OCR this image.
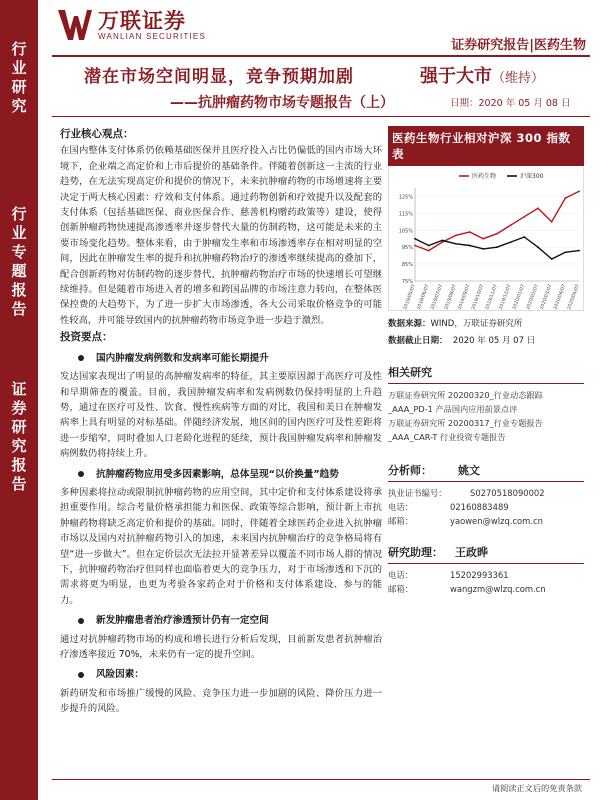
行
业
研
究
行
业
专
题
报
告
证
券
研
究
报
告
万联证券
WANLIAN SECURITIES
证券研究报告|医药生物
潜在市场空间明显，竞争预期加剧
——抗肿瘤药物市场专题报告（上）
强于大市（维持）
日期：2020 年 05 月 08 日
行业核心观点：
在国内整体支付体系仍依赖基础医保并且医疗投入占比仍偏低的国内市场大环境下，企业端之高定价和上市后提价的基础条件。伴随着创新这一主流的行业趋势，在无法实现高定价和提价的情况下，未来抗肿瘤药物的市场增速将主要决定于两大核心因素：疗效和支付体系。通过药物创新和疗效提升以及配套的支付体系（包括基础医保、商业医保合作、慈善机构赠药政策等）建设，使得创新肿瘤药物快速提高渗透率并逐步替代大量的仿制药物，这可能是未来的主要市场变化趋势。整体来看，由于肿瘤发生率和市场渗透率存在相对明显的空间，因此在肿瘤发生率的提升和抗肿瘤药物治疗的渗透率继续提高的叠加下，配合创新药物对仿制药物的逐步替代，抗肿瘤药物治疗市场的快速增长可望继续维持。但是随着市场进入者的增多和跨国品牌的市场注意力转向，在整体医保控费的大趋势下，为了进一步扩大市场渗透，各大公司采取价格竞争的可能性较高，并可能导致国内的抗肿瘤药物市场竞争进一步趋于激烈。
投资要点：
国内肿瘤发病例数和发病率可能长期提升
发达国家表现出了明显的高肿瘤发病率的特征，其主要原因源于高医疗可及性和早期筛查的覆盖。目前，我国肿瘤发病率和发病例数仍保持明显的上升趋势，通过在医疗可及性、饮食、慢性疾病等方面的对比，我国和美日在肿瘤发病率上具有明显的对标基础。伴随经济发展，地区间的国内医疗可及性差距将进一步缩窄，同时叠加人口老龄化进程的延续，预计我国肿瘤发病率和肿瘤发病例数仍将持续上升。
抗肿瘤药物应用受多因素影响，总体呈现“以价换量”趋势
多种因素将拉动或限制抗肿瘤药物的应用空间，其中定价和支付体系建设将承担重要作用。综合考量价格承担能力和医保、政策等综合影响，预计新上市抗肿瘤药物将缺乏高定价和提价的基础。同时，伴随着全球医药企业进入抗肿瘤市场以及国内对抗肿瘤药物引入的加速，未来国内抗肿瘤治疗的竞争格局将有望“进一步做大”。但在定价层次无法拉开显著差异以覆盖不同市场人群的情况下，抗肿瘤药物治疗但同样也面临着更大的竞争压力，对于市场渗透和下沉的需求将更为明显，也更为考验各家药企对于价格和支付体系建设、参与的能力。
新发肿瘤患者治疗渗透预计仍有一定空间
通过对抗肿瘤药物市场的构成和增长进行分析后发现，目前新发患者抗肿瘤治疗渗透率接近 70%，未来仍有一定的提升空间。
风险因素：
新药研发和市场推广缓慢的风险、竞争压力进一步加剧的风险、降价压力进一步提升的风险。
医药生物行业相对沪深 300 指数表
125%
115%
105%
95%
85%
75%
2019/05/07 2019/06/07 2019/07/07 2019/08/07 2019/09/07 2019/10/07 2019/11/07 2019/12/07 2020/01/07 2020/02/07 2020/03/07 2020/04/07 2020/05/07
医药生物	沪深300
数据来源：WIND，万联证券研究所
数据截止日期： 2020 年 05 月 07 日
相关研究
万联证券研究所 20200320_行业动态跟踪
_AAA_PD-1 产品国内应用前景点评
万联证券研究所 20200317_行业专题报告
_AAA_CAR-T 行业投资专题报告
分析师： 姚文
执业证书编号：	S0270518090002
电话：	02160883489
邮箱：	yaowen@wlzq.com.cn
研究助理： 王政晔
电话：	15202993361
邮箱：	wangzm@wlzq.com.cn
请阅读正文后的免责条款
